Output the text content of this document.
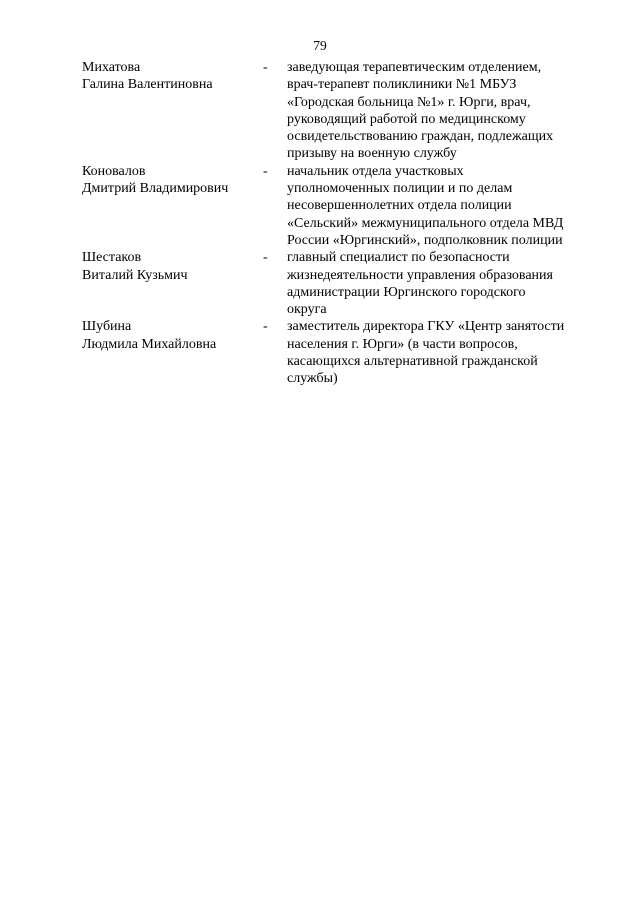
79
Михатова
Галина Валентиновна
-	заведующая терапевтическим отделением,
врач-терапевт поликлиники №1 МБУЗ
«Городская больница №1» г. Юрги, врач,
руководящий работой по медицинскому
освидетельствованию граждан, подлежащих
призыву на военную службу
Коновалов
Дмитрий Владимирович
-	начальник отдела участковых
уполномоченных полиции и по делам
несовершеннолетних отдела полиции
«Сельский» межмуниципального отдела МВД
России «Юргинский», подполковник полиции
Шестаков
Виталий Кузьмич
-	главный специалист по безопасности
жизнедеятельности управления образования
администрации Юргинского городского
округа
Шубина
Людмила Михайловна
-	заместитель директора ГКУ «Центр занятости
населения г. Юрги» (в части вопросов,
касающихся альтернативной гражданской
службы)
